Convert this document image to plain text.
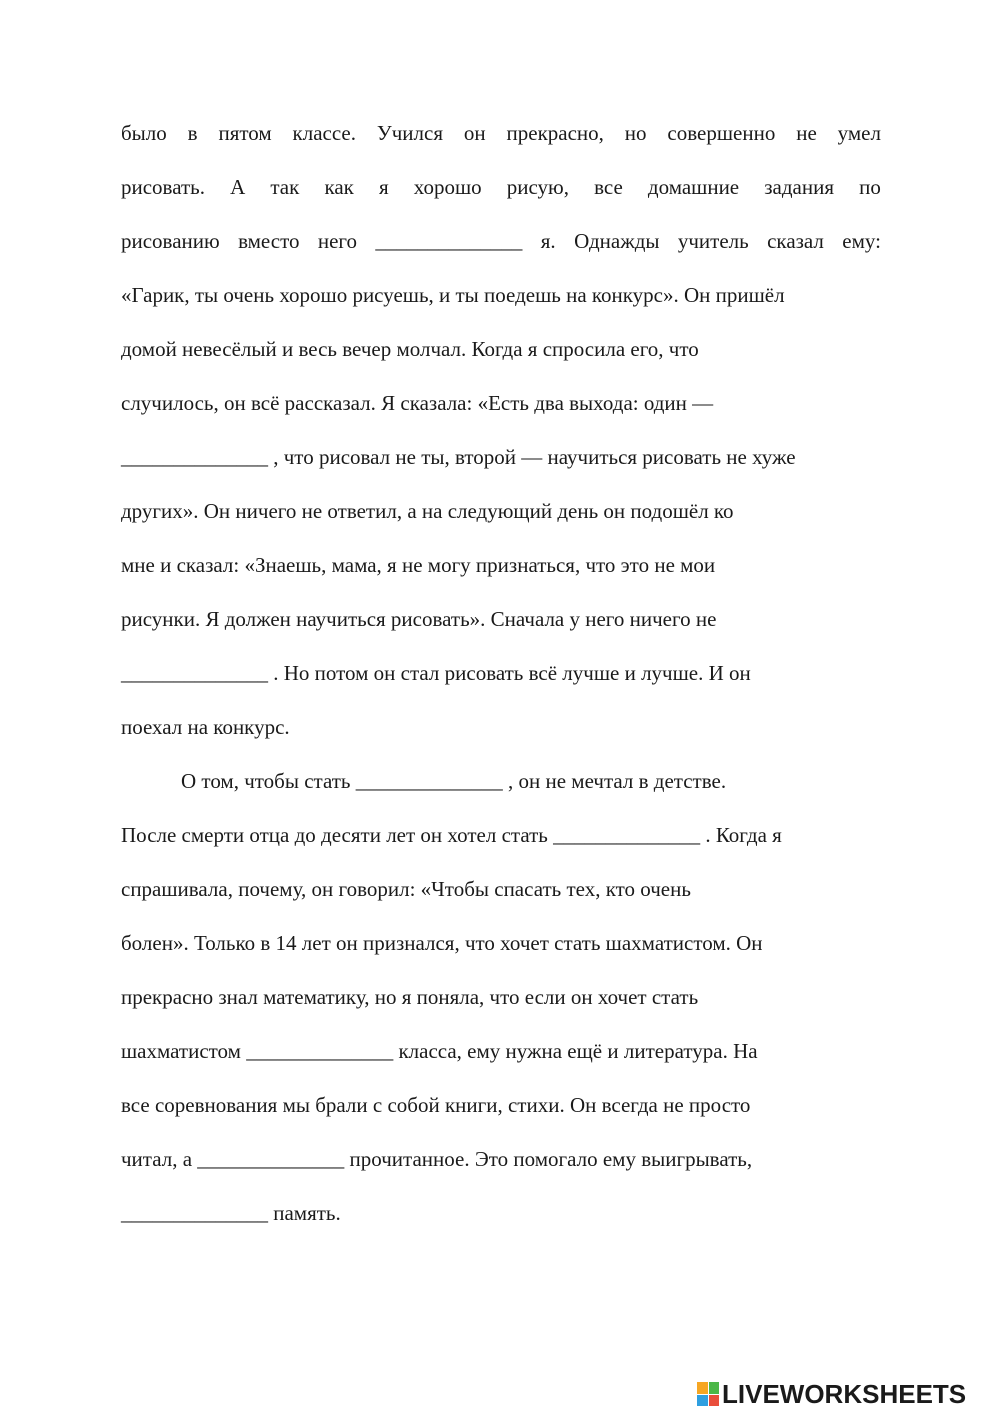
было в пятом классе. Учился он прекрасно, но совершенно не умел
рисовать. А так как я хорошо рисую, все домашние задания по
рисованию вместо него ______________ я. Однажды учитель сказал ему:
«Гарик, ты очень хорошо рисуешь, и ты поедешь на конкурс». Он пришёл
домой невесёлый и весь вечер молчал. Когда я спросила его, что
случилось, он всё рассказал. Я сказала: «Есть два выхода: один —
______________ , что рисовал не ты, второй — научиться рисовать не хуже
других». Он ничего не ответил, а на следующий день он подошёл ко
мне и сказал: «Знаешь, мама, я не могу признаться, что это не мои
рисунки. Я должен научиться рисовать». Сначала у него ничего не
______________ . Но потом он стал рисовать всё лучше и лучше. И он
поехал на конкурс.
О том, чтобы стать ______________ , он не мечтал в детстве.
После смерти отца до десяти лет он хотел стать ______________ . Когда я
спрашивала, почему, он говорил: «Чтобы спасать тех, кто очень
болен». Только в 14 лет он признался, что хочет стать шахматистом. Он
прекрасно знал математику, но я поняла, что если он хочет стать
шахматистом ______________ класса, ему нужна ещё и литература. На
все соревнования мы брали с собой книги, стихи. Он всегда не просто
читал, а ______________ прочитанное. Это помогало ему выигрывать,
______________ память.
LIVEWORKSHEETS
